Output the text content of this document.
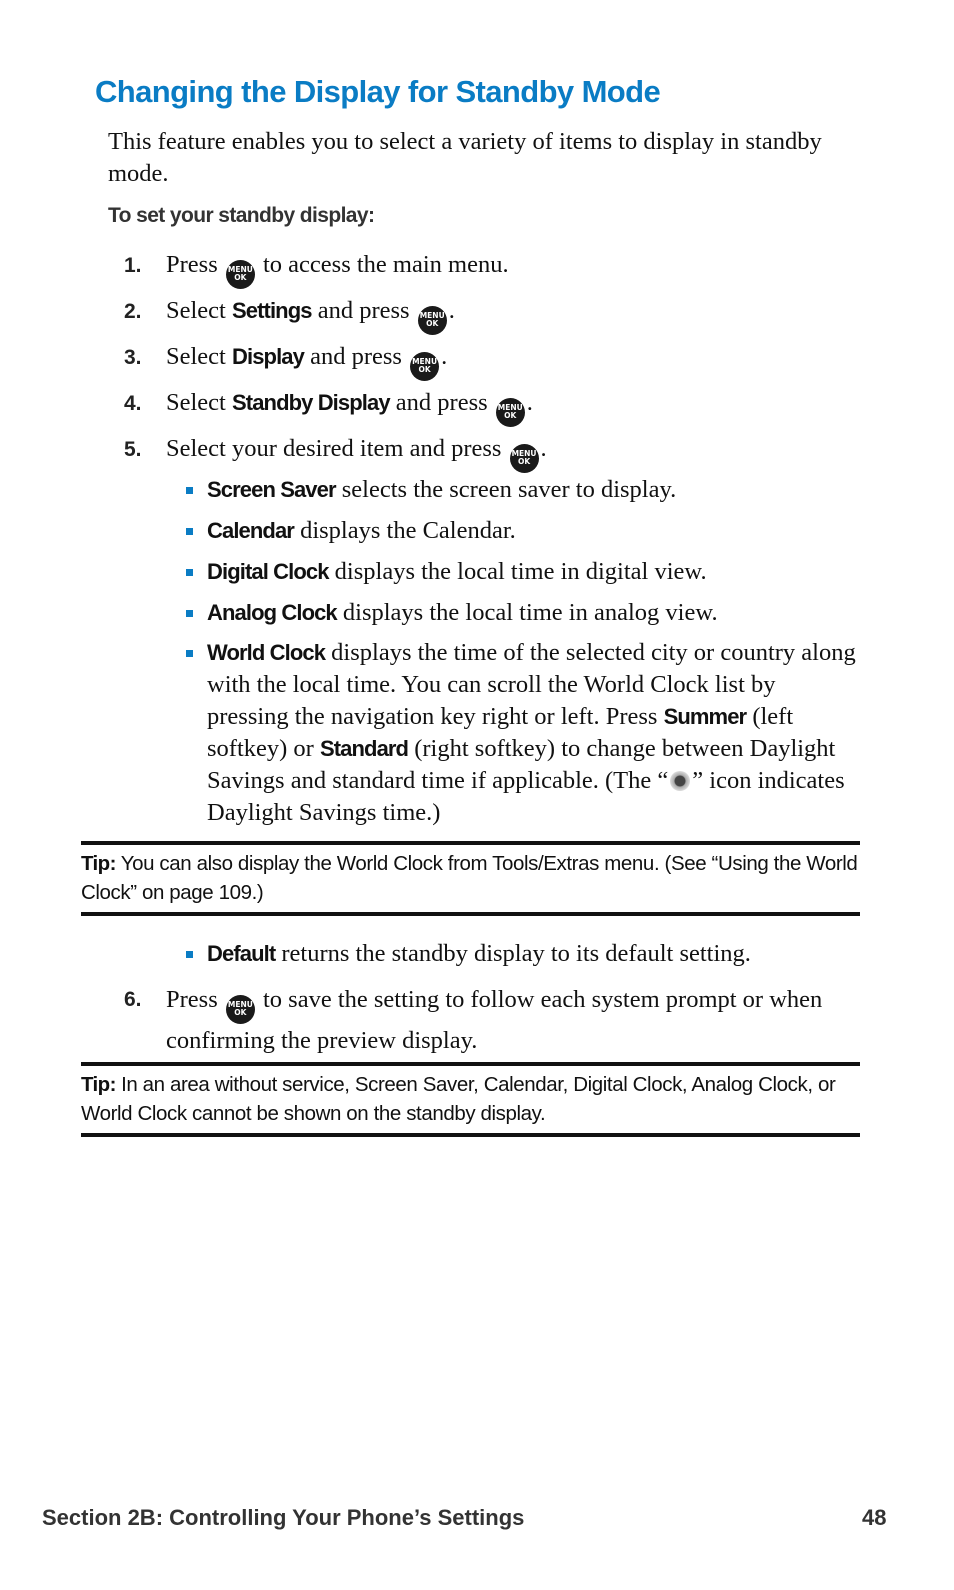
Changing the Display for Standby Mode
This feature enables you to select a variety of items to display in standby mode.
To set your standby display:
1. Press MENU
OK to access the main menu.
2. Select Settings and press MENU
OK .
3. Select Display and press MENU
OK .
4. Select Standby Display and press MENU
OK .
5. Select your desired item and press MENU
OK .
Screen Saver selects the screen saver to display.
Calendar displays the Calendar.
Digital Clock displays the local time in digital view.
Analog Clock displays the local time in analog view.
World Clock displays the time of the selected city or country along with the local time. You can scroll the World Clock list by pressing the navigation key right or left. Press Summer (left softkey) or Standard (right softkey) to change between Daylight Savings and standard time if applicable. (The “ ” icon indicates Daylight Savings time.)
Tip: You can also display the World Clock from Tools/Extras menu. (See “Using the World Clock” on page 109.)
Default returns the standby display to its default setting.
6. Press MENU
OK to save the setting to follow each system prompt or when confirming the preview display.
Tip: In an area without service, Screen Saver, Calendar, Digital Clock, Analog Clock, or World Clock cannot be shown on the standby display.
Section 2B: Controlling Your Phone’s Settings	48
